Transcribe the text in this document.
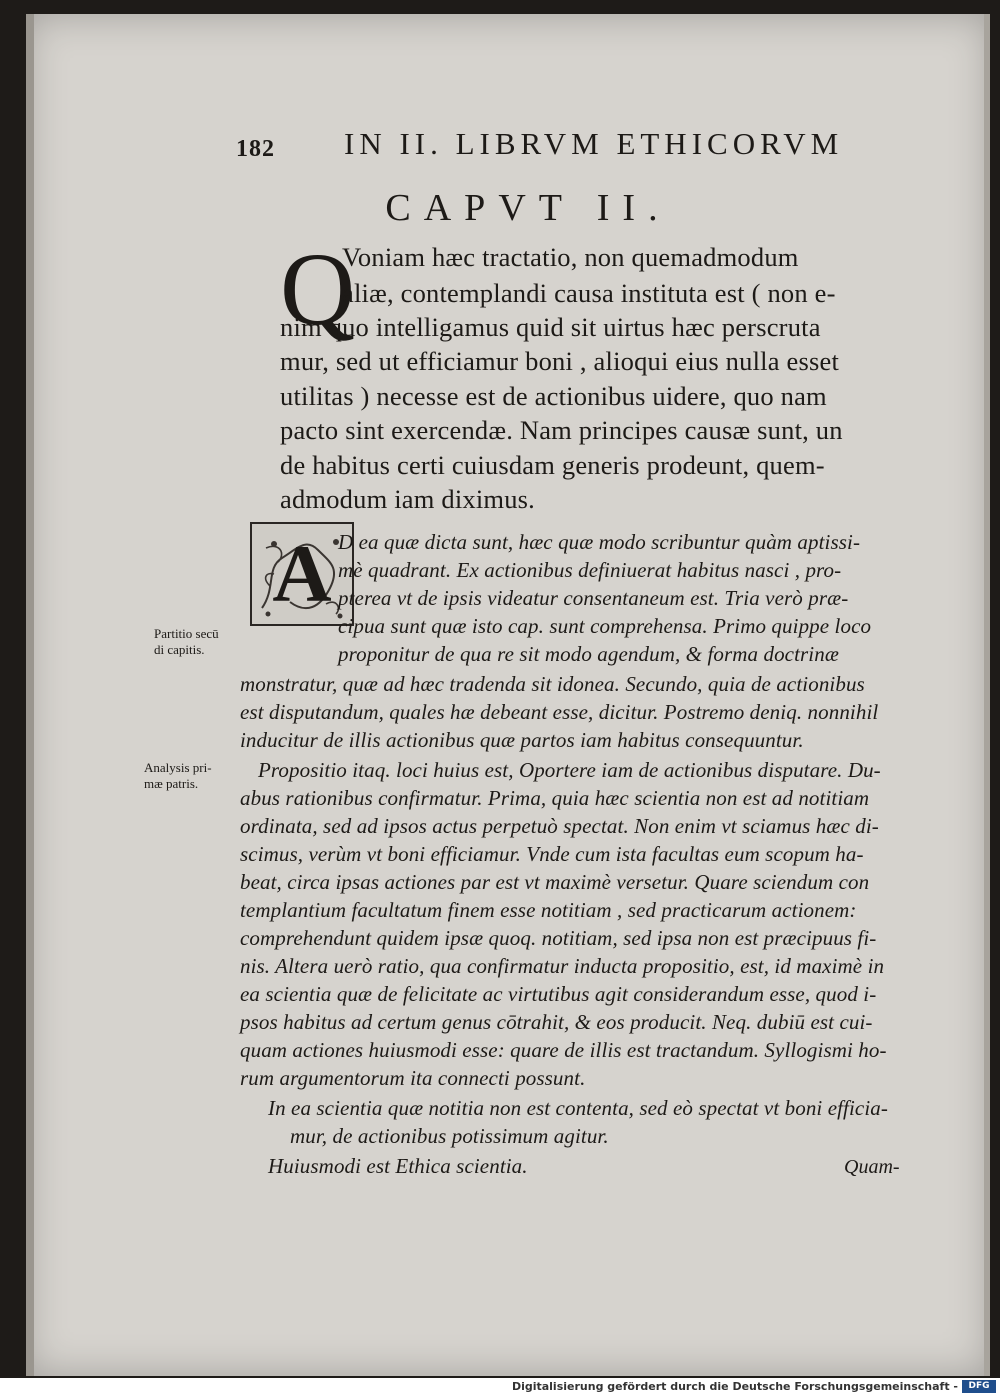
182 IN II. LIBRVM ETHICORVM
CAPVT II.
Q
Voniam hæc tractatio, non quemadmodum
aliæ, contemplandi causa instituta est ( non e-
nim quo intelligamus quid sit uirtus hæc perscruta
mur, sed ut efficiamur boni , alioqui eius nulla esset
utilitas ) necesse est de actionibus uidere, quo nam
pacto sint exercendæ. Nam principes causæ sunt, un
de habitus certi cuiusdam generis prodeunt, quem-
admodum iam diximus.
A
Partitio secū
di capitis.
Analysis pri-
mæ patris.
D ea quæ dicta sunt, hæc quæ modo scribuntur quàm aptissi-
mè quadrant. Ex actionibus definiuerat habitus nasci , pro-
pterea vt de ipsis videatur consentaneum est. Tria verò præ-
cipua sunt quæ isto cap. sunt comprehensa. Primo quippe loco
proponitur de qua re sit modo agendum, & forma doctrinæ
monstratur, quæ ad hæc tradenda sit idonea. Secundo, quia de actionibus
est disputandum, quales hæ debeant esse, dicitur. Postremo deniq. nonnihil
inducitur de illis actionibus quæ partos iam habitus consequuntur.
Propositio itaq. loci huius est, Oportere iam de actionibus disputare. Du-
abus rationibus confirmatur. Prima, quia hæc scientia non est ad notitiam
ordinata, sed ad ipsos actus perpetuò spectat. Non enim vt sciamus hæc di-
scimus, verùm vt boni efficiamur. Vnde cum ista facultas eum scopum ha-
beat, circa ipsas actiones par est vt maximè versetur. Quare sciendum con
templantium facultatum finem esse notitiam , sed practicarum actionem:
comprehendunt quidem ipsæ quoq. notitiam, sed ipsa non est præcipuus fi-
nis. Altera uerò ratio, qua confirmatur inducta propositio, est, id maximè in
ea scientia quæ de felicitate ac virtutibus agit considerandum esse, quod i-
psos habitus ad certum genus cōtrahit, & eos producit. Neq. dubiū est cui-
quam actiones huiusmodi esse: quare de illis est tractandum. Syllogismi ho-
rum argumentorum ita connecti possunt.
In ea scientia quæ notitia non est contenta, sed eò spectat vt boni efficia-
mur, de actionibus potissimum agitur.
Huiusmodi est Ethica scientia.	Quam-
Digitalisierung gefördert durch die Deutsche Forschungsgemeinschaft -	DFG
